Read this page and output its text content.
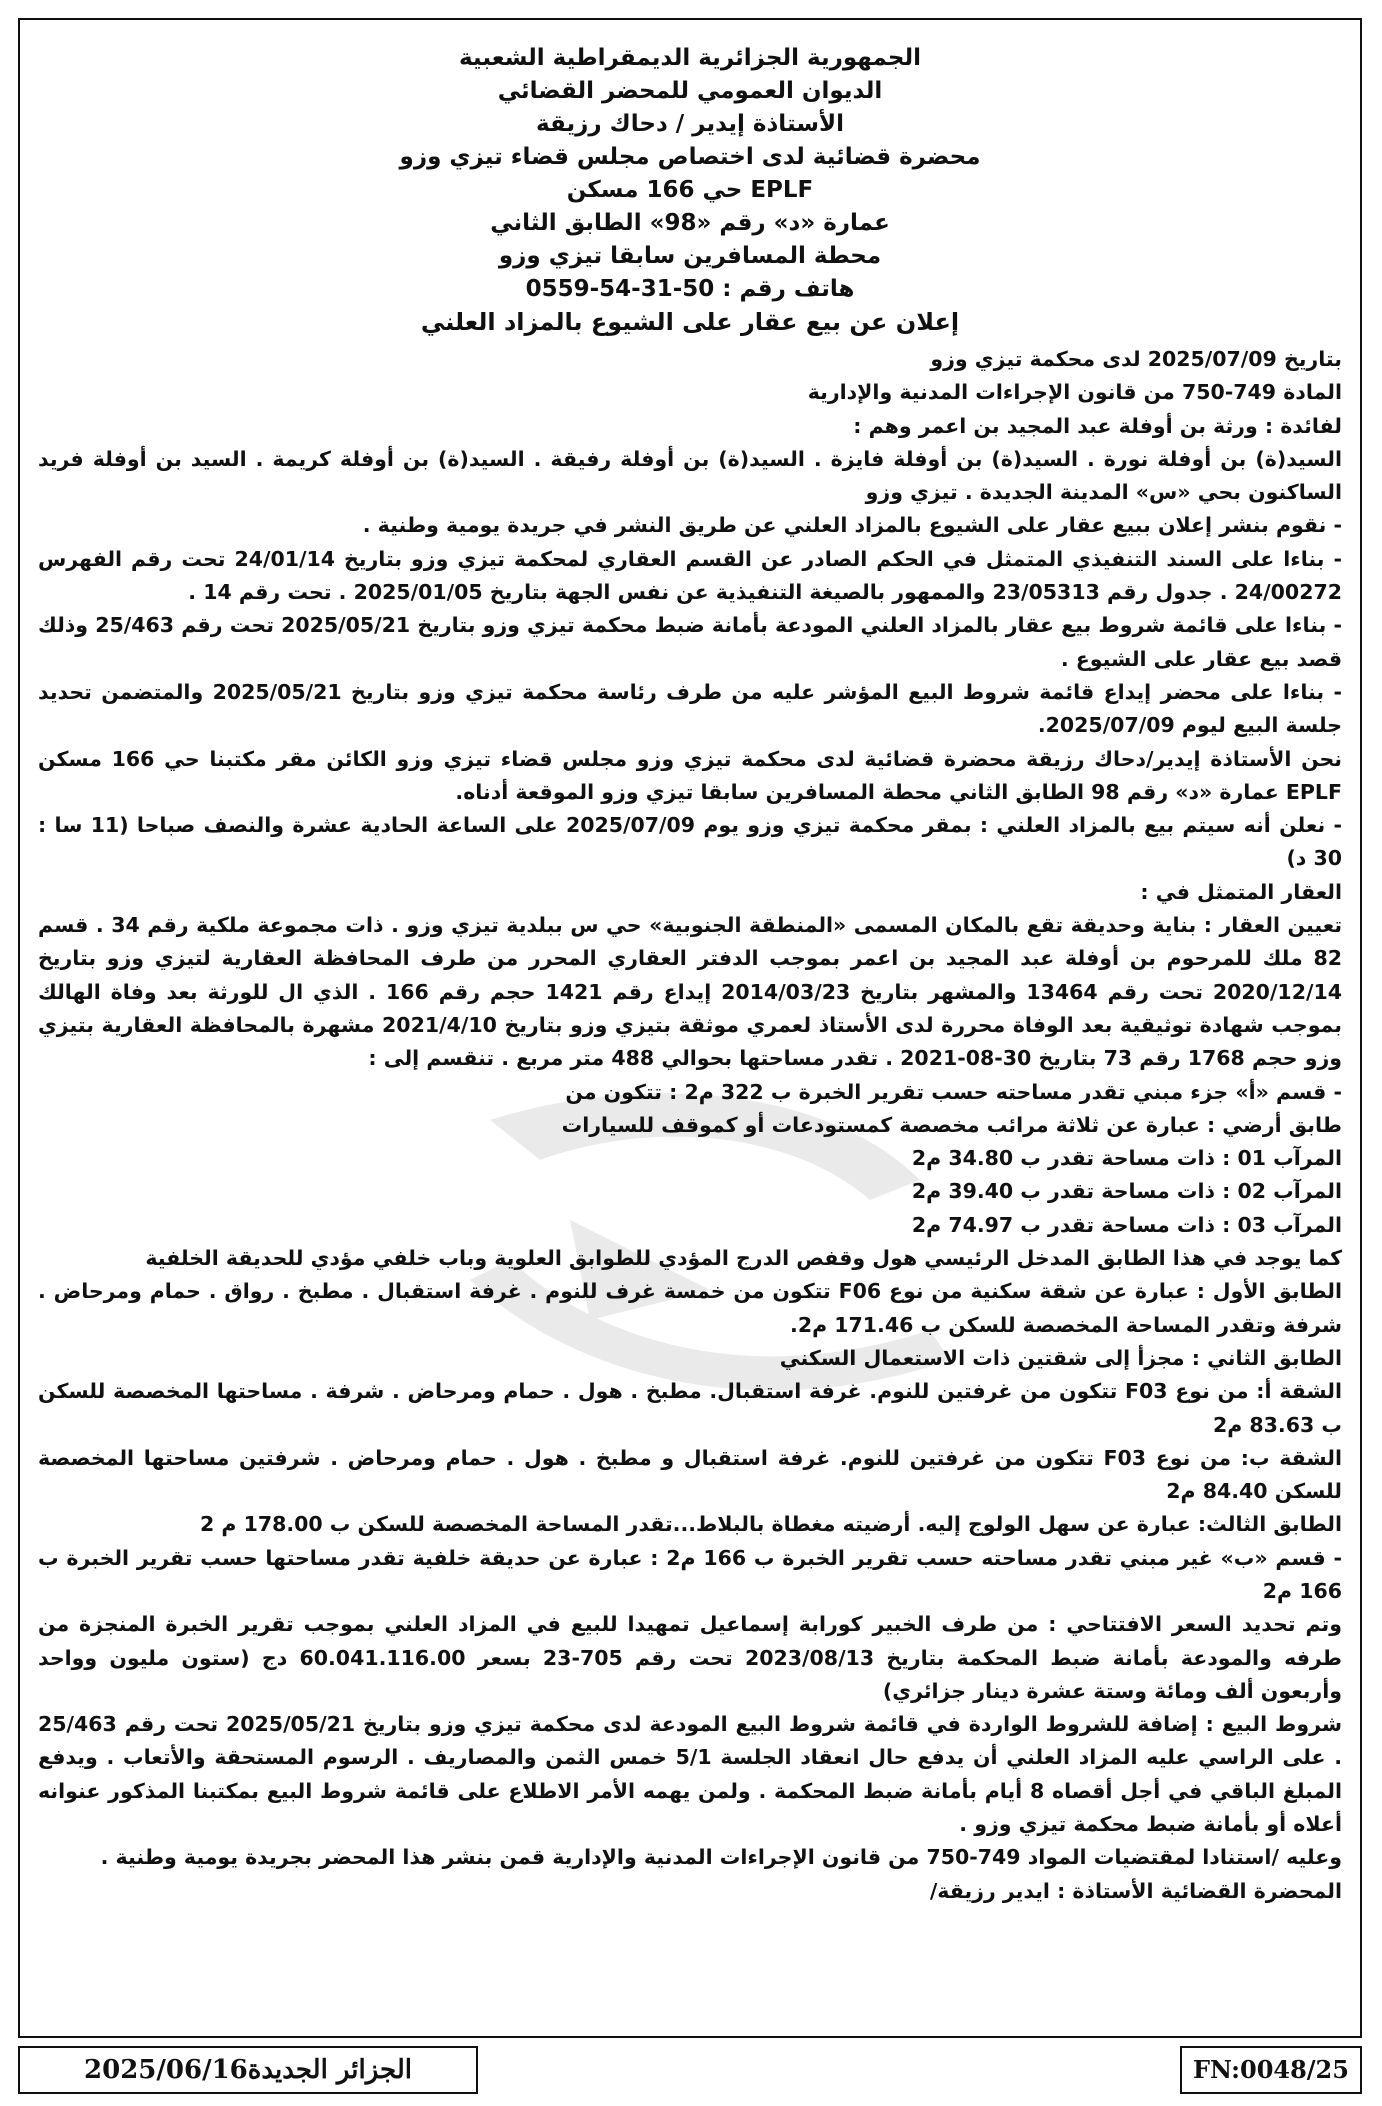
الجمهورية الجزائرية الديمقراطية الشعبية
الديوان العمومي للمحضر القضائي
الأستاذة إيدير / دحاك رزيقة
محضرة قضائية لدى اختصاص مجلس قضاء تيزي وزو
حي 166 مسكن EPLF
عمارة «د» رقم «98» الطابق الثاني
محطة المسافرين سابقا تيزي وزو
هاتف رقم : 50-31-54-0559
إعلان عن بيع عقار على الشيوع بالمزاد العلني

بتاريخ 2025/07/09 لدى محكمة تيزي وزو

المادة 749-750 من قانون الإجراءات المدنية والإدارية

لفائدة : ورثة بن أوفلة عبد المجيد بن اعمر وهم :

السيد(ة) بن أوفلة نورة . السيد(ة) بن أوفلة فايزة . السيد(ة) بن أوفلة رفيقة . السيد(ة) بن أوفلة كريمة . السيد بن أوفلة فريد الساكنون بحي «س» المدينة الجديدة . تيزي وزو

- نقوم بنشر إعلان ببيع عقار على الشيوع بالمزاد العلني عن طريق النشر في جريدة يومية وطنية .

- بناءا على السند التنفيذي المتمثل في الحكم الصادر عن القسم العقاري لمحكمة تيزي وزو بتاريخ 24/01/14 تحت رقم الفهرس 24/00272 . جدول رقم 23/05313 والممهور بالصيغة التنفيذية عن نفس الجهة بتاريخ 2025/01/05 . تحت رقم 14 .

- بناءا على قائمة شروط بيع عقار بالمزاد العلني المودعة بأمانة ضبط محكمة تيزي وزو بتاريخ 2025/05/21 تحت رقم 25/463 وذلك قصد بيع عقار على الشيوع .

- بناءا على محضر إيداع قائمة شروط البيع المؤشر عليه من طرف رئاسة محكمة تيزي وزو بتاريخ 2025/05/21 والمتضمن تحديد جلسة البيع ليوم 2025/07/09.

نحن الأستاذة إيدير/دحاك رزيقة محضرة قضائية لدى محكمة تيزي وزو مجلس قضاء تيزي وزو الكائن مقر مكتبنا حي 166 مسكن EPLF عمارة «د» رقم 98 الطابق الثاني محطة المسافرين سابقا تيزي وزو الموقعة أدناه.

- نعلن أنه سيتم بيع بالمزاد العلني : بمقر محكمة تيزي وزو يوم 2025/07/09 على الساعة الحادية عشرة والنصف صباحا (11 سا : 30 د)

العقار المتمثل في :

تعيين العقار : بناية وحديقة تقع بالمكان المسمى «المنطقة الجنوبية» حي س ببلدية تيزي وزو . ذات مجموعة ملكية رقم 34 . قسم 82 ملك للمرحوم بن أوفلة عبد المجيد بن اعمر بموجب الدفتر العقاري المحرر من طرف المحافظة العقارية لتيزي وزو بتاريخ 2020/12/14 تحت رقم 13464 والمشهر بتاريخ 2014/03/23 إيداع رقم 1421 حجم رقم 166 . الذي ال للورثة بعد وفاة الهالك بموجب شهادة توثيقية بعد الوفاة محررة لدى الأستاذ لعمري موثقة بتيزي وزو بتاريخ 2021/4/10 مشهرة بالمحافظة العقارية بتيزي وزو حجم 1768 رقم 73 بتاريخ 30-08-2021 . تقدر مساحتها بحوالي 488 متر مربع . تنقسم إلى :

- قسم «أ» جزء مبني تقدر مساحته حسب تقرير الخبرة ب 322 م2 : تتكون من

طابق أرضي : عبارة عن ثلاثة مرائب مخصصة كمستودعات أو كموقف للسيارات

المرآب 01 : ذات مساحة تقدر ب 34.80 م2

المرآب 02 : ذات مساحة تقدر ب 39.40 م2

المرآب 03 : ذات مساحة تقدر ب 74.97 م2

كما يوجد في هذا الطابق المدخل الرئيسي هول وقفص الدرج المؤدي للطوابق العلوية وباب خلفي مؤدي للحديقة الخلفية

الطابق الأول : عبارة عن شقة سكنية من نوع F06 تتكون من خمسة غرف للنوم . غرفة استقبال . مطبخ . رواق . حمام ومرحاض . شرفة وتقدر المساحة المخصصة للسكن ب 171.46 م2.

الطابق الثاني : مجزأ إلى شقتين ذات الاستعمال السكني

الشقة أ: من نوع F03 تتكون من غرفتين للنوم. غرفة استقبال. مطبخ . هول . حمام ومرحاض . شرفة . مساحتها المخصصة للسكن ب 83.63 م2

الشقة ب: من نوع F03 تتكون من غرفتين للنوم. غرفة استقبال و مطبخ . هول . حمام ومرحاض . شرفتين مساحتها المخصصة للسكن 84.40 م2

الطابق الثالث: عبارة عن سهل الولوج إليه. أرضيته مغطاة بالبلاط...تقدر المساحة المخصصة للسكن ب 178.00 م 2

- قسم «ب» غير مبني تقدر مساحته حسب تقرير الخبرة ب 166 م2 : عبارة عن حديقة خلفية تقدر مساحتها حسب تقرير الخبرة ب 166 م2

وتم تحديد السعر الافتتاحي : من طرف الخبير كورابة إسماعيل تمهيدا للبيع في المزاد العلني بموجب تقرير الخبرة المنجزة من طرفه والمودعة بأمانة ضبط المحكمة بتاريخ 2023/08/13 تحت رقم 705-23 بسعر 60.041.116.00 دج (ستون مليون وواحد وأربعون ألف ومائة وستة عشرة دينار جزائري)

شروط البيع : إضافة للشروط الواردة في قائمة شروط البيع المودعة لدى محكمة تيزي وزو بتاريخ 2025/05/21 تحت رقم 25/463 . على الراسي عليه المزاد العلني أن يدفع حال انعقاد الجلسة 5/1 خمس الثمن والمصاريف . الرسوم المستحقة والأتعاب . ويدفع المبلغ الباقي في أجل أقصاه 8 أيام بأمانة ضبط المحكمة . ولمن يهمه الأمر الاطلاع على قائمة شروط البيع بمكتبنا المذكور عنوانه أعلاه أو بأمانة ضبط محكمة تيزي وزو .

وعليه /استنادا لمقتضيات المواد 749-750 من قانون الإجراءات المدنية والإدارية قمن بنشر هذا المحضر بجريدة يومية وطنية .

المحضرة القضائية الأستاذة : ايدير رزيقة/

الجزائر الجديدة2025/06/16	FN:0048/25
